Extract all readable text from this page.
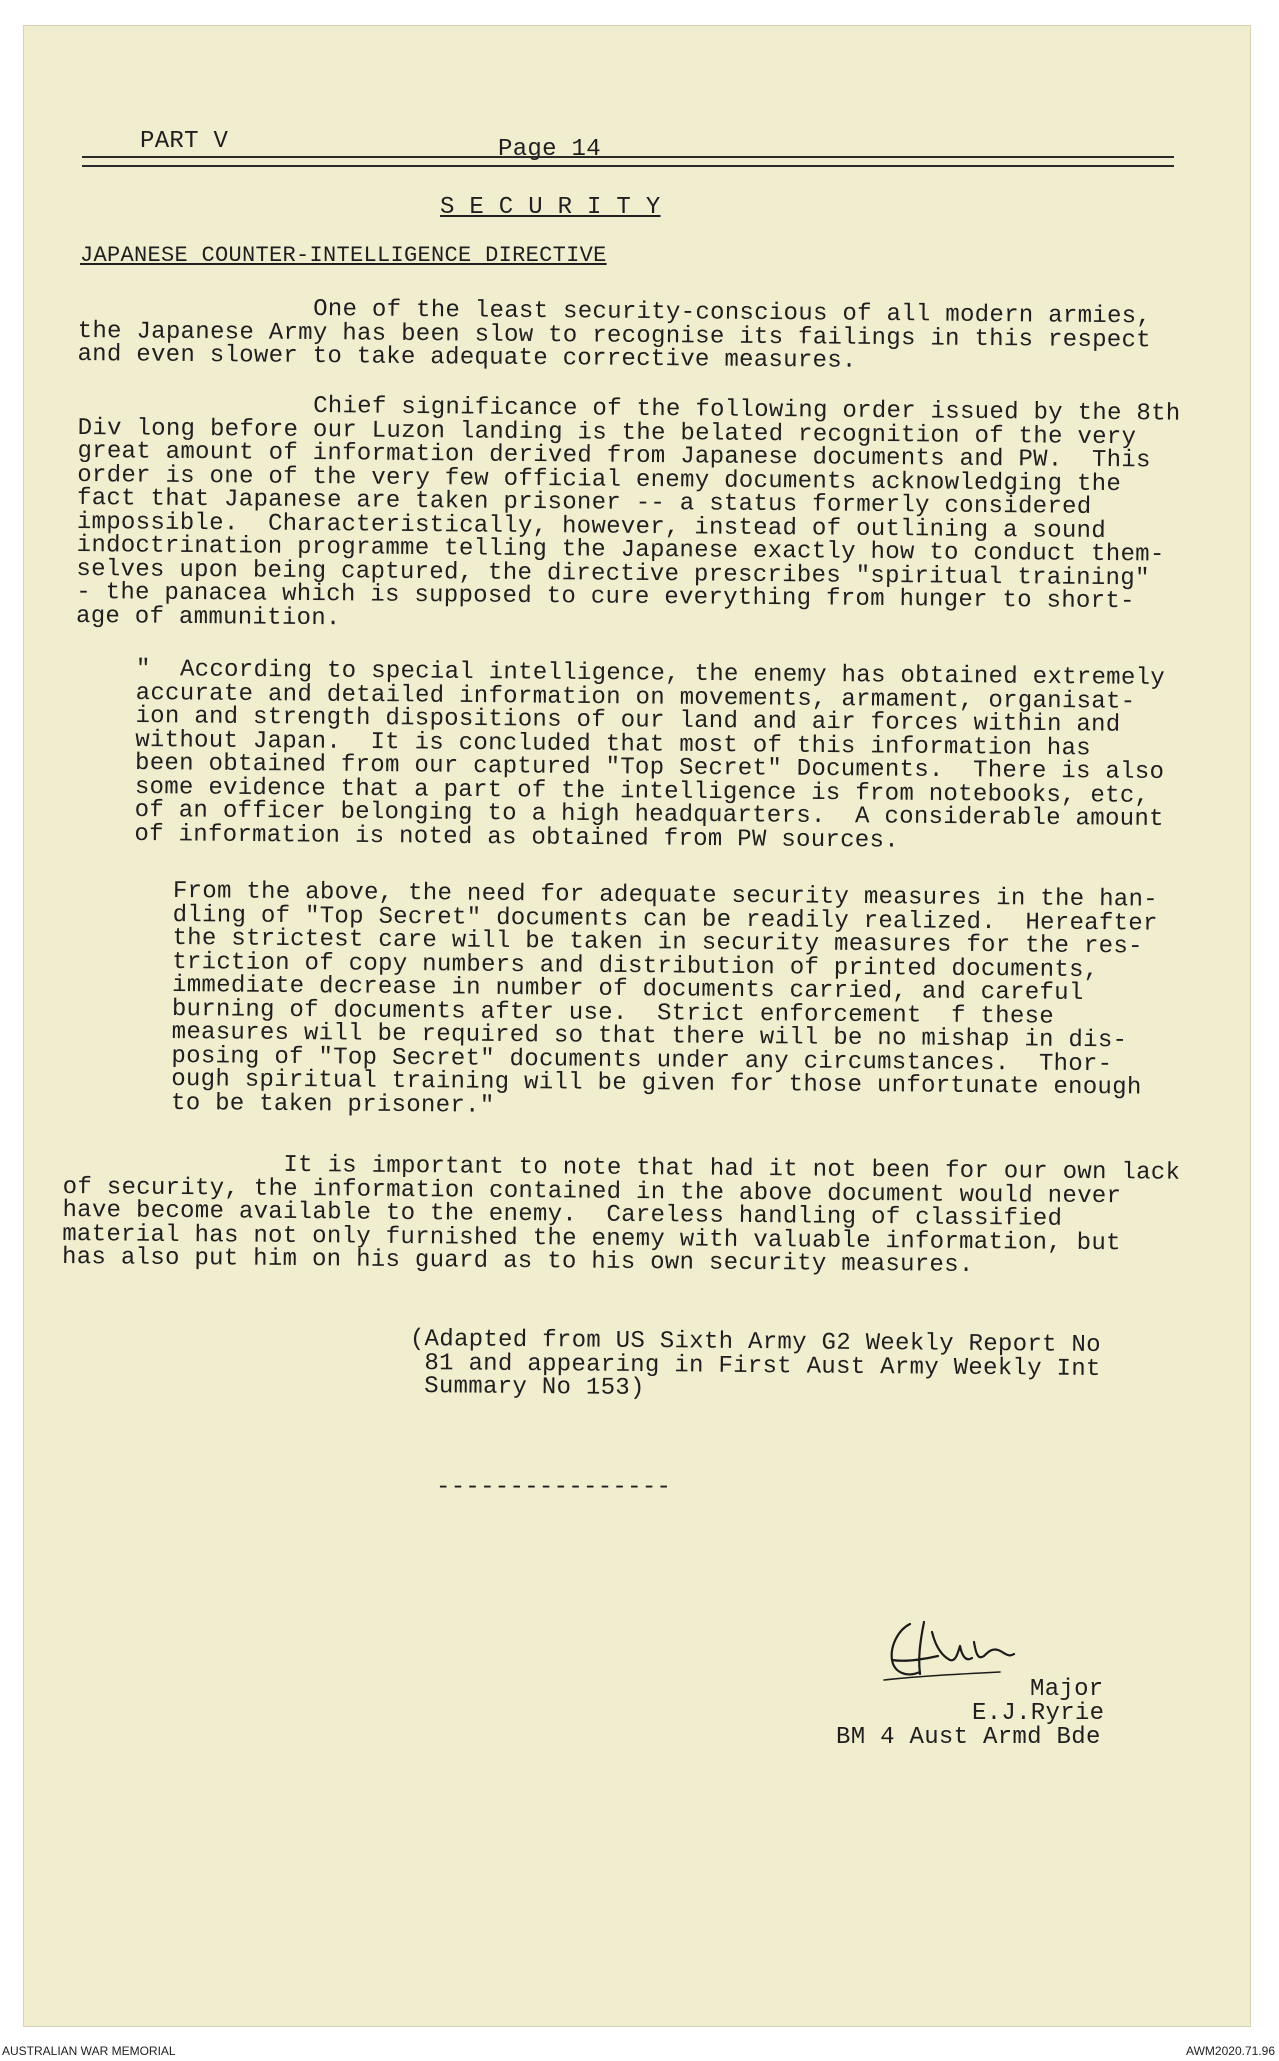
PART V	Page 14
S E C U R I T Y
JAPANESE COUNTER-INTELLIGENCE DIRECTIVE
One of the least security-conscious of all modern armies,
the Japanese Army has been slow to recognise its failings in this respect
and even slower to take adequate corrective measures.
Chief significance of the following order issued by the 8th
Div long before our Luzon landing is the belated recognition of the very
great amount of information derived from Japanese documents and PW.  This
order is one of the very few official enemy documents acknowledging the
fact that Japanese are taken prisoner -- a status formerly considered
impossible.  Characteristically, however, instead of outlining a sound
indoctrination programme telling the Japanese exactly how to conduct them-
selves upon being captured, the directive prescribes "spiritual training"
- the panacea which is supposed to cure everything from hunger to short-
age of ammunition.
"  According to special intelligence, the enemy has obtained extremely
accurate and detailed information on movements, armament, organisat-
ion and strength dispositions of our land and air forces within and
without Japan.  It is concluded that most of this information has
been obtained from our captured "Top Secret" Documents.  There is also
some evidence that a part of the intelligence is from notebooks, etc,
of an officer belonging to a high headquarters.  A considerable amount
of information is noted as obtained from PW sources.
From the above, the need for adequate security measures in the han-
dling of "Top Secret" documents can be readily realized.  Hereafter
the strictest care will be taken in security measures for the res-
triction of copy numbers and distribution of printed documents,
immediate decrease in number of documents carried, and careful
burning of documents after use.  Strict enforcement  f these
measures will be required so that there will be no mishap in dis-
posing of "Top Secret" documents under any circumstances.  Thor-
ough spiritual training will be given for those unfortunate enough
to be taken prisoner."
It is important to note that had it not been for our own lack
of security, the information contained in the above document would never
have become available to the enemy.  Careless handling of classified
material has not only furnished the enemy with valuable information, but
has also put him on his guard as to his own security measures.
(Adapted from US Sixth Army G2 Weekly Report No
81 and appearing in First Aust Army Weekly Int
Summary No 153)
----------------
Major
E.J.Ryrie
BM 4 Aust Armd Bde
AUSTRALIAN WAR MEMORIAL	AWM2020.71.96
